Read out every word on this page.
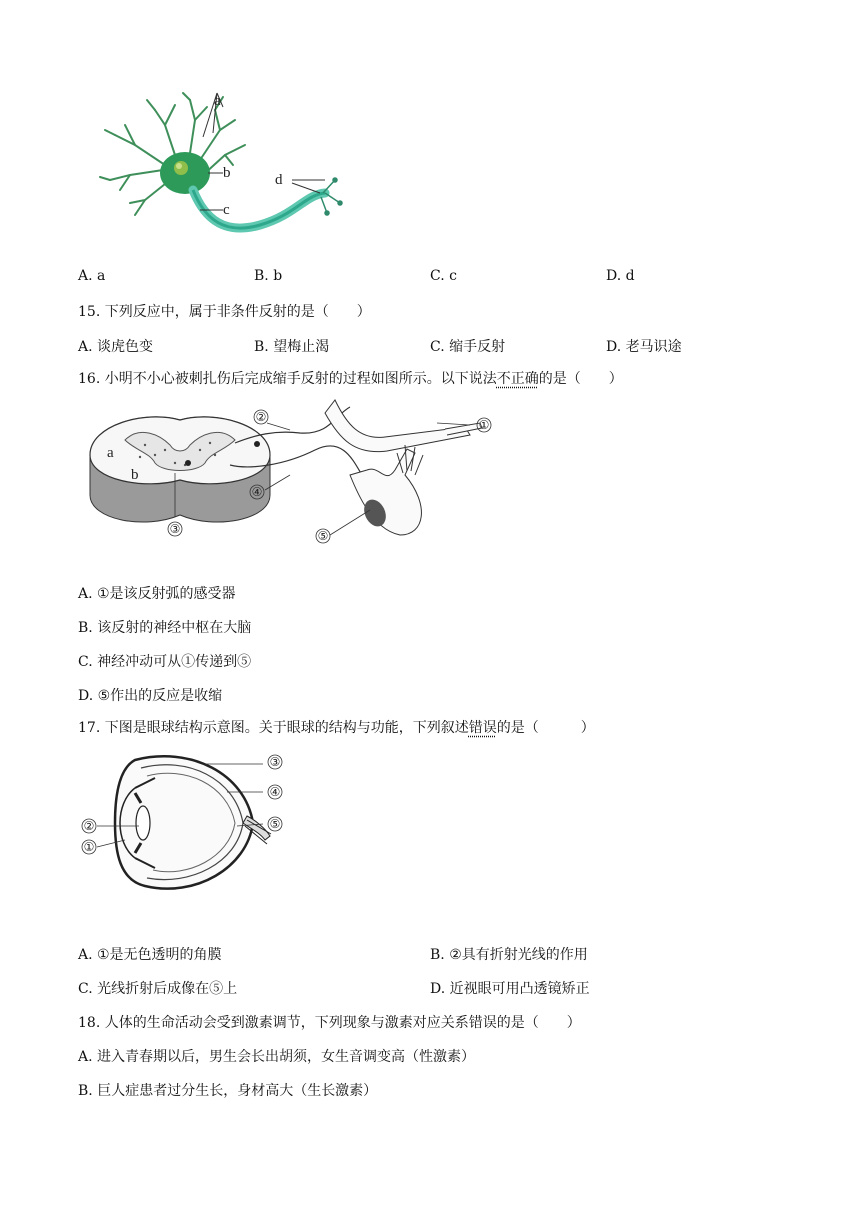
a
b
c
d
A. a	B. b	C. c	D. d
15. 下列反应中，属于非条件反射的是（　　）
A. 谈虎色变	B. 望梅止渴	C. 缩手反射	D. 老马识途
16. 小明不小心被刺扎伤后完成缩手反射的过程如图所示。以下说法不正确的是（　　）
②
①
④
③	⑤
a
b
A. ①是该反射弧的感受器
B. 该反射的神经中枢在大脑
C. 神经冲动可从①传递到⑤
D. ⑤作出的反应是收缩
17. 下图是眼球结构示意图。关于眼球的结构与功能，下列叙述错误的是（　　　）
③
④
⑤
②
①
A. ①是无色透明的角膜	B. ②具有折射光线的作用
C. 光线折射后成像在⑤上	D. 近视眼可用凸透镜矫正
18. 人体的生命活动会受到激素调节，下列现象与激素对应关系错误的是（　　）
A. 进入青春期以后，男生会长出胡须，女生音调变高（性激素）
B. 巨人症患者过分生长，身材高大（生长激素）
